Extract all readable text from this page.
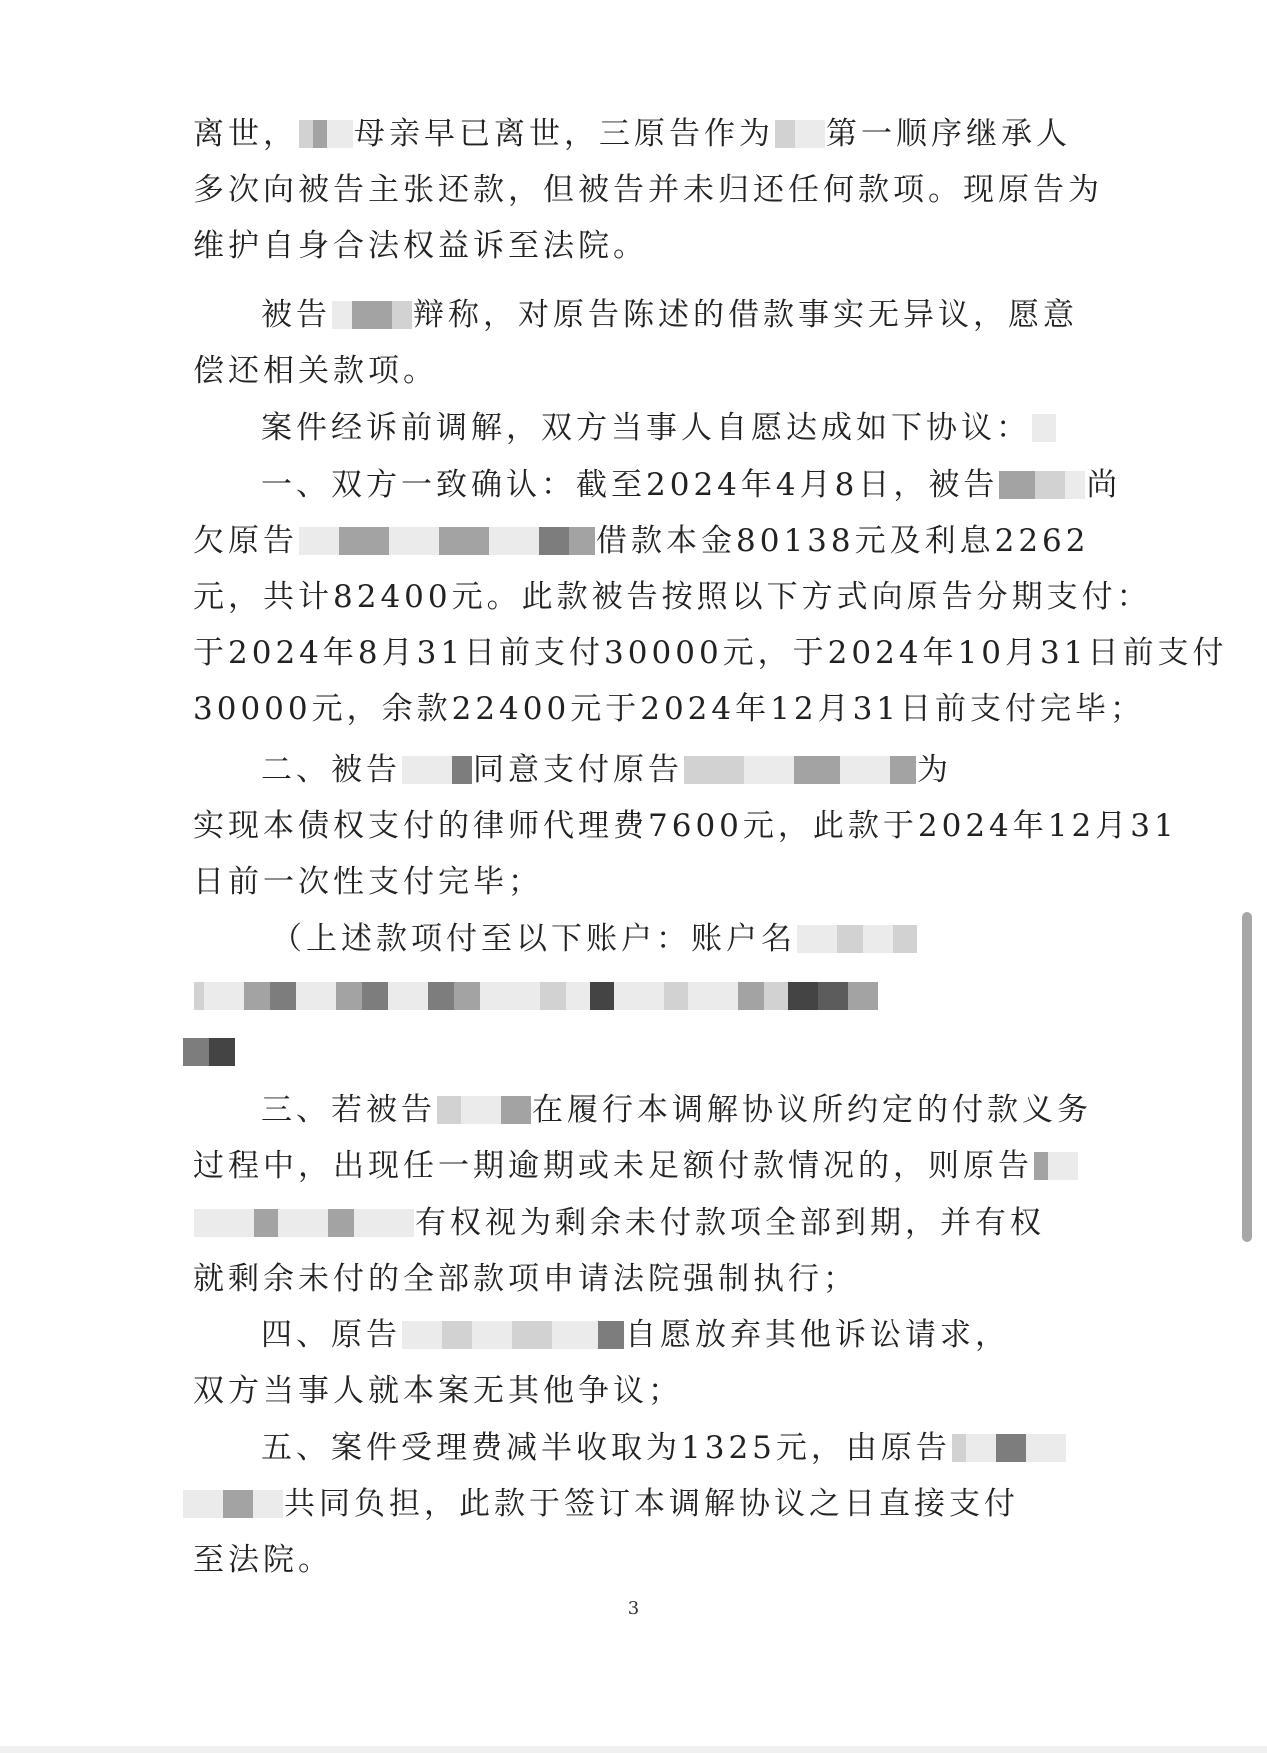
离世， 母亲早已离世，三原告作为 第一顺序继承人
多次向被告主张还款，但被告并未归还任何款项。现原告为
维护自身合法权益诉至法院。
被告	辩称，对原告陈述的借款事实无异议，愿意
偿还相关款项。
案件经诉前调解，双方当事人自愿达成如下协议：
一、双方一致确认：截至2024年4月8日，被告	尚
欠原告	借款本金80138元及利息2262
元，共计82400元。此款被告按照以下方式向原告分期支付：
于2024年8月31日前支付30000元，于2024年10月31日前支付
30000元，余款22400元于2024年12月31日前支付完毕；
二、被告 同意支付原告	为
实现本债权支付的律师代理费7600元，此款于2024年12月31
日前一次性支付完毕；
（上述款项付至以下账户：账户名
三、若被告	在履行本调解协议所约定的付款义务
过程中，出现任一期逾期或未足额付款情况的，则原告
有权视为剩余未付款项全部到期，并有权
就剩余未付的全部款项申请法院强制执行；
四、原告	自愿放弃其他诉讼请求，
双方当事人就本案无其他争议；
五、案件受理费减半收取为1325元，由原告
共同负担，此款于签订本调解协议之日直接支付
至法院。
3
